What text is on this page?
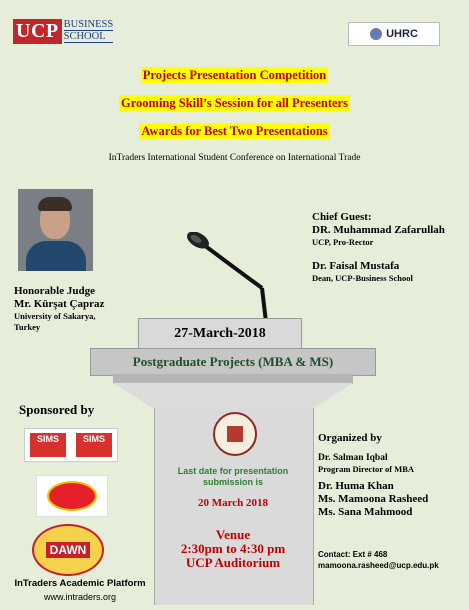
UCP BUSINESS
SCHOOL	UHRC
Projects Presentation Competition
Grooming Skill’s Session for all Presenters
Awards for Best Two Presentations
InTraders International Student Conference on International Trade
Honorable Judge
Mr. Kürşat Çapraz
University of Sakarya,
Turkey
Chief Guest:
DR. Muhammad Zafarullah
UCP, Pro-Rector
Dr. Faisal Mustafa
Dean, UCP-Business School
27-March-2018
Postgraduate Projects (MBA & MS)
Last date for presentation
submission is
20 March 2018
Venue
2:30pm to 4:30 pm
UCP Auditorium
Sponsored by
SIMS	SIMS
DAWN
InTraders Academic Platform
www.intraders.org
Organized by
Dr. Salman Iqbal
Program Director of MBA
Dr. Huma Khan
Ms. Mamoona Rasheed
Ms. Sana Mahmood
Contact: Ext # 468
mamoona.rasheed@ucp.edu.pk
